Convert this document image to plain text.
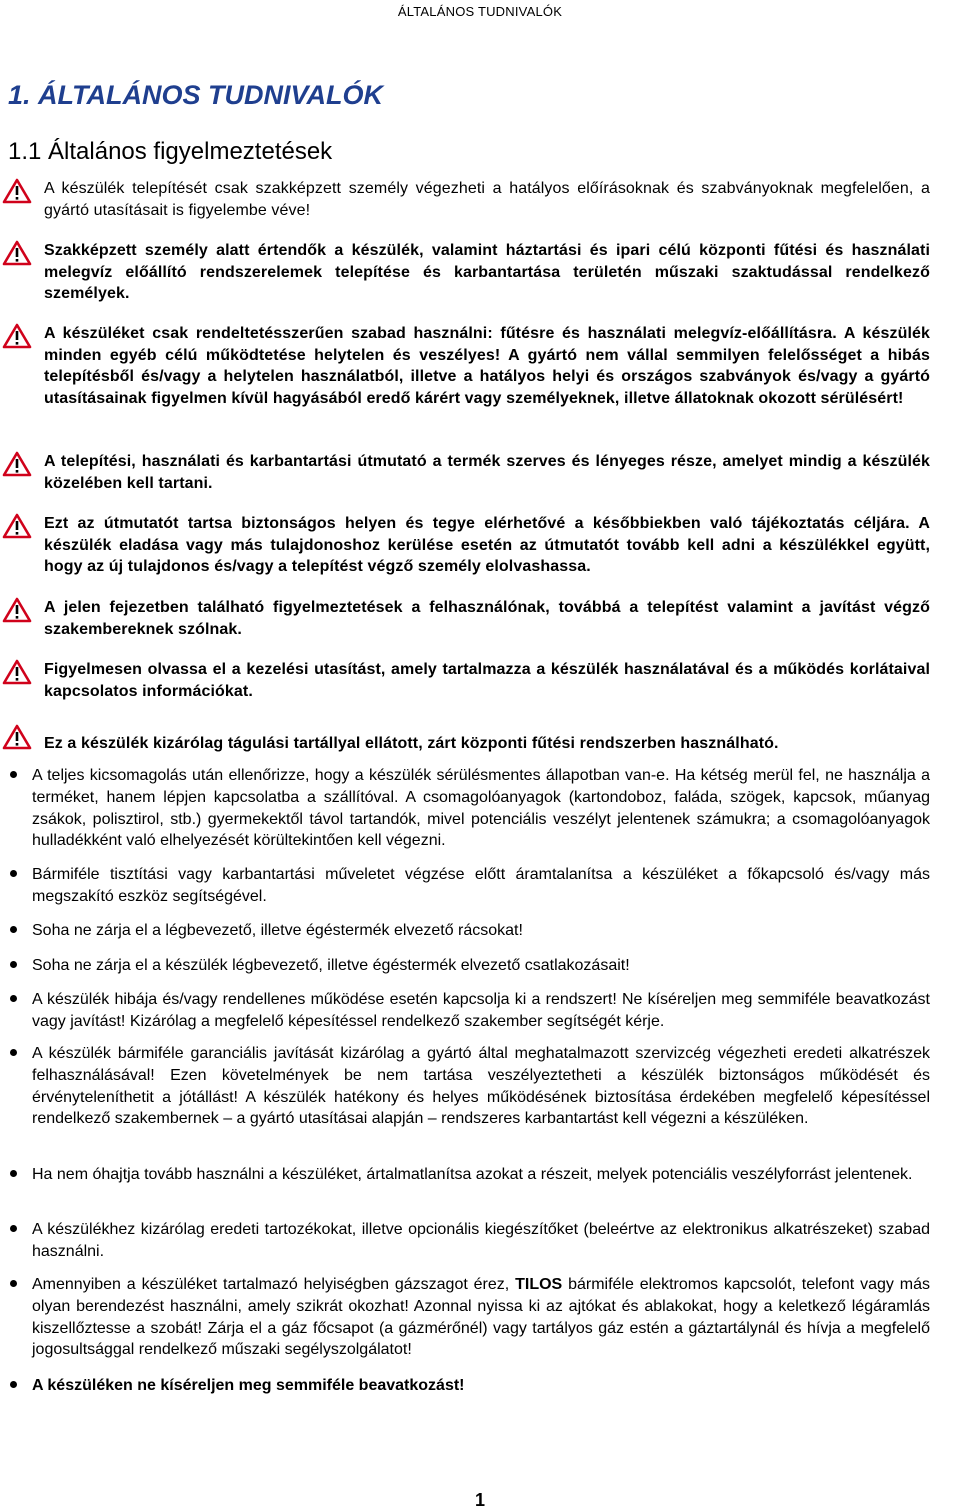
ÁLTALÁNOS TUDNIVALÓK
1. ÁLTALÁNOS TUDNIVALÓK
1.1 Általános figyelmeztetések
A készülék telepítését csak szakképzett személy végezheti a hatályos előírásoknak és szabványoknak megfelelően, a gyártó utasításait is figyelembe véve!
Szakképzett személy alatt értendők a készülék, valamint háztartási és ipari célú központi fűtési és használati melegvíz előállító rendszerelemek telepítése és karbantartása területén műszaki szaktudással rendelkező személyek.
A készüléket csak rendeltetésszerűen szabad használni: fűtésre és használati melegvíz-előállításra. A készülék minden egyéb célú működtetése helytelen és veszélyes! A gyártó nem vállal semmilyen felelősséget a hibás telepítésből és/vagy a helytelen használatból, illetve a hatályos helyi és országos szabványok és/vagy a gyártó utasításainak figyelmen kívül hagyásából eredő kárért vagy személyeknek, illetve állatoknak okozott sérülésért!
A telepítési, használati és karbantartási útmutató a termék szerves és lényeges része, amelyet mindig a készülék közelében kell tartani.
Ezt az útmutatót tartsa biztonságos helyen és tegye elérhetővé a későbbiekben való tájékoztatás céljára. A készülék eladása vagy más tulajdonoshoz kerülése esetén az útmutatót tovább kell adni a készülékkel együtt, hogy az új tulajdonos és/vagy a telepítést végző személy elolvashassa.
A jelen fejezetben található figyelmeztetések a felhasználónak, továbbá a telepítést valamint a javítást végző szakembereknek szólnak.
Figyelmesen olvassa el a kezelési utasítást, amely tartalmazza a készülék használatával és a működés korlátaival kapcsolatos információkat.
Ez a készülék kizárólag tágulási tartállyal ellátott, zárt központi fűtési rendszerben használható.
A teljes kicsomagolás után ellenőrizze, hogy a készülék sérülésmentes állapotban van-e. Ha kétség merül fel, ne használja a terméket, hanem lépjen kapcsolatba a szállítóval. A csomagolóanyagok (kartondoboz, faláda, szögek, kapcsok, műanyag zsákok, polisztirol, stb.) gyermekektől távol tartandók, mivel potenciális veszélyt jelentenek számukra; a csomagolóanyagok hulladékként való elhelyezését körültekintően kell végezni.
Bármiféle tisztítási vagy karbantartási műveletet végzése előtt áramtalanítsa a készüléket a főkapcsoló és/vagy más megszakító eszköz segítségével.
Soha ne zárja el a légbevezető, illetve égéstermék elvezető rácsokat!
Soha ne zárja el a készülék légbevezető, illetve égéstermék elvezető csatlakozásait!
A készülék hibája és/vagy rendellenes működése esetén kapcsolja ki a rendszert! Ne kíséreljen meg semmiféle beavatkozást vagy javítást! Kizárólag a megfelelő képesítéssel rendelkező szakember segítségét kérje.
A készülék bármiféle garanciális javítását kizárólag a gyártó által meghatalmazott szervizcég végezheti eredeti alkatrészek felhasználásával! Ezen követelmények be nem tartása veszélyeztetheti a készülék biztonságos működését és érvényteleníthetit a jótállást! A készülék hatékony és helyes működésének biztosítása érdekében megfelelő képesítéssel rendelkező szakembernek – a gyártó utasításai alapján – rendszeres karbantartást kell végezni a készüléken.
Ha nem óhajtja tovább használni a készüléket, ártalmatlanítsa azokat a részeit, melyek potenciális veszélyforrást jelentenek.
A készülékhez kizárólag eredeti tartozékokat, illetve opcionális kiegészítőket (beleértve az elektronikus alkatrészeket) szabad használni.
Amennyiben a készüléket tartalmazó helyiségben gázszagot érez, TILOS bármiféle elektromos kapcsolót, telefont vagy más olyan berendezést használni, amely szikrát okozhat! Azonnal nyissa ki az ajtókat és ablakokat, hogy a keletkező légáramlás kiszellőztesse a szobát! Zárja el a gáz főcsapot (a gázmérőnél) vagy tartályos gáz estén a gáztartálynál és hívja a megfelelő jogosultsággal rendelkező műszaki segélyszolgálatot!
A készüléken ne kíséreljen meg semmiféle beavatkozást!
1
